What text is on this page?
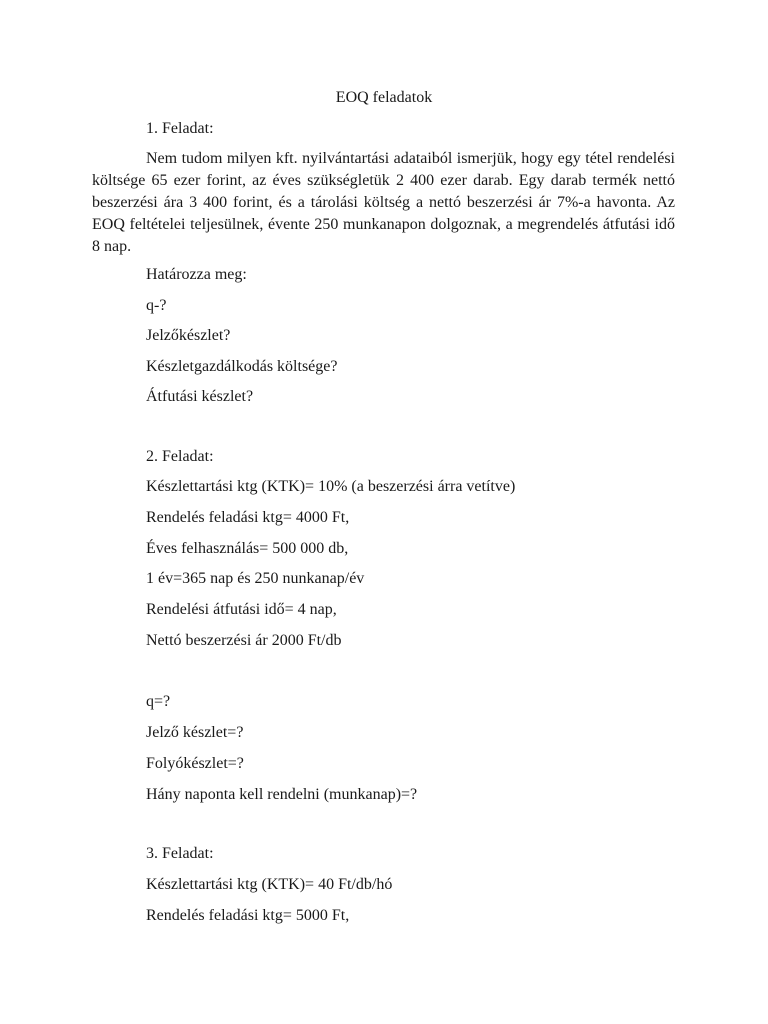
EOQ feladatok
1. Feladat:
Nem tudom milyen kft. nyilvántartási adataiból ismerjük, hogy egy tétel rendelési költsége 65 ezer forint, az éves szükségletük 2 400 ezer darab. Egy darab termék nettó beszerzési ára 3 400 forint, és a tárolási költség a nettó beszerzési ár 7%-a havonta. Az EOQ feltételei teljesülnek, évente 250 munkanapon dolgoznak, a megrendelés átfutási idő 8 nap.
Határozza meg:
q-?
Jelzőkészlet?
Készletgazdálkodás költsége?
Átfutási készlet?
2. Feladat:
Készlettartási ktg (KTK)= 10% (a beszerzési árra vetítve)
Rendelés feladási ktg= 4000 Ft,
Éves felhasználás= 500 000 db,
1 év=365 nap és 250 nunkanap/év
Rendelési átfutási idő= 4 nap,
Nettó beszerzési ár 2000 Ft/db
q=?
Jelző készlet=?
Folyókészlet=?
Hány naponta kell rendelni (munkanap)=?
3. Feladat:
Készlettartási ktg (KTK)= 40 Ft/db/hó
Rendelés feladási ktg= 5000 Ft,
